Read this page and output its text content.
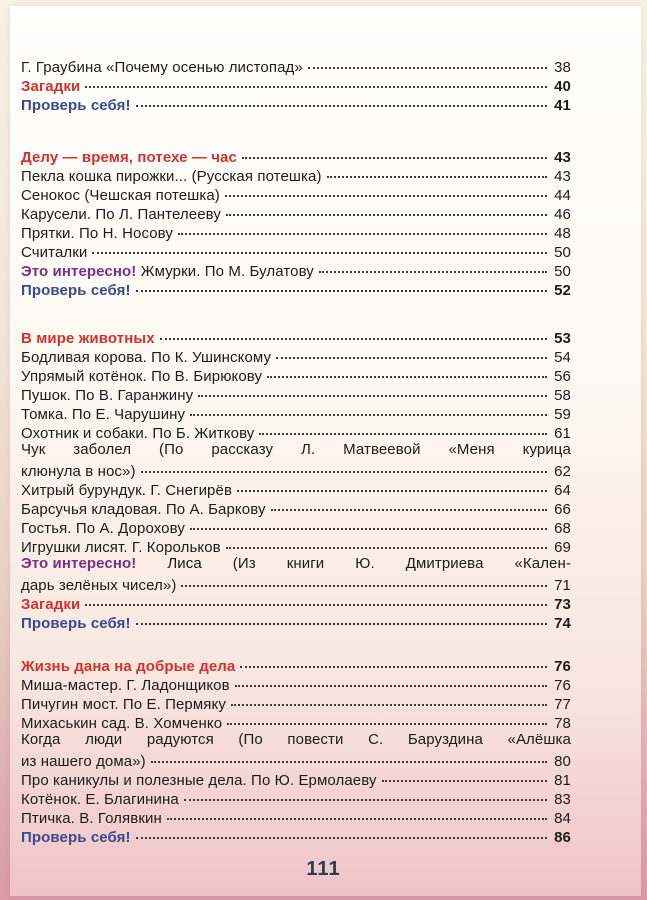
Г. Граубина «Почему осенью листопад»	38
Загадки	40
Проверь себя!	41
Делу — время, потехе — час	43
Пекла кошка пирожки... (Русская потешка)	43
Сенокос (Чешская потешка)	44
Карусели. По Л. Пантелееву	46
Прятки. По Н. Носову	48
Считалки	50
Это интересно! Жмурки. По М. Булатову	50
Проверь себя!	52
В мире животных	53
Бодливая корова. По К. Ушинскому	54
Упрямый котёнок. По В. Бирюкову	56
Пушок. По В. Гаранжину	58
Томка. По Е. Чарушину	59
Охотник и собаки. По Б. Житкову	61
Чук заболел (По рассказу Л. Матвеевой «Меня курица
клюнула в нос»)	62
Хитрый бурундук. Г. Снегирёв	64
Барсучья кладовая. По А. Баркову	66
Гостья. По А. Дорохову	68
Игрушки лисят. Г. Корольков	69
Это интересно! Лиса (Из книги Ю. Дмитриева «Кален-
дарь зелёных чисел»)	71
Загадки	73
Проверь себя!	74
Жизнь дана на добрые дела	76
Миша-мастер. Г. Ладонщиков	76
Пичугин мост. По Е. Пермяку	77
Михаськин сад. В. Хомченко	78
Когда люди радуются (По повести С. Баруздина «Алёшка
из нашего дома»)	80
Про каникулы и полезные дела. По Ю. Ермолаеву	81
Котёнок. Е. Благинина	83
Птичка. В. Голявкин	84
Проверь себя!	86
111
